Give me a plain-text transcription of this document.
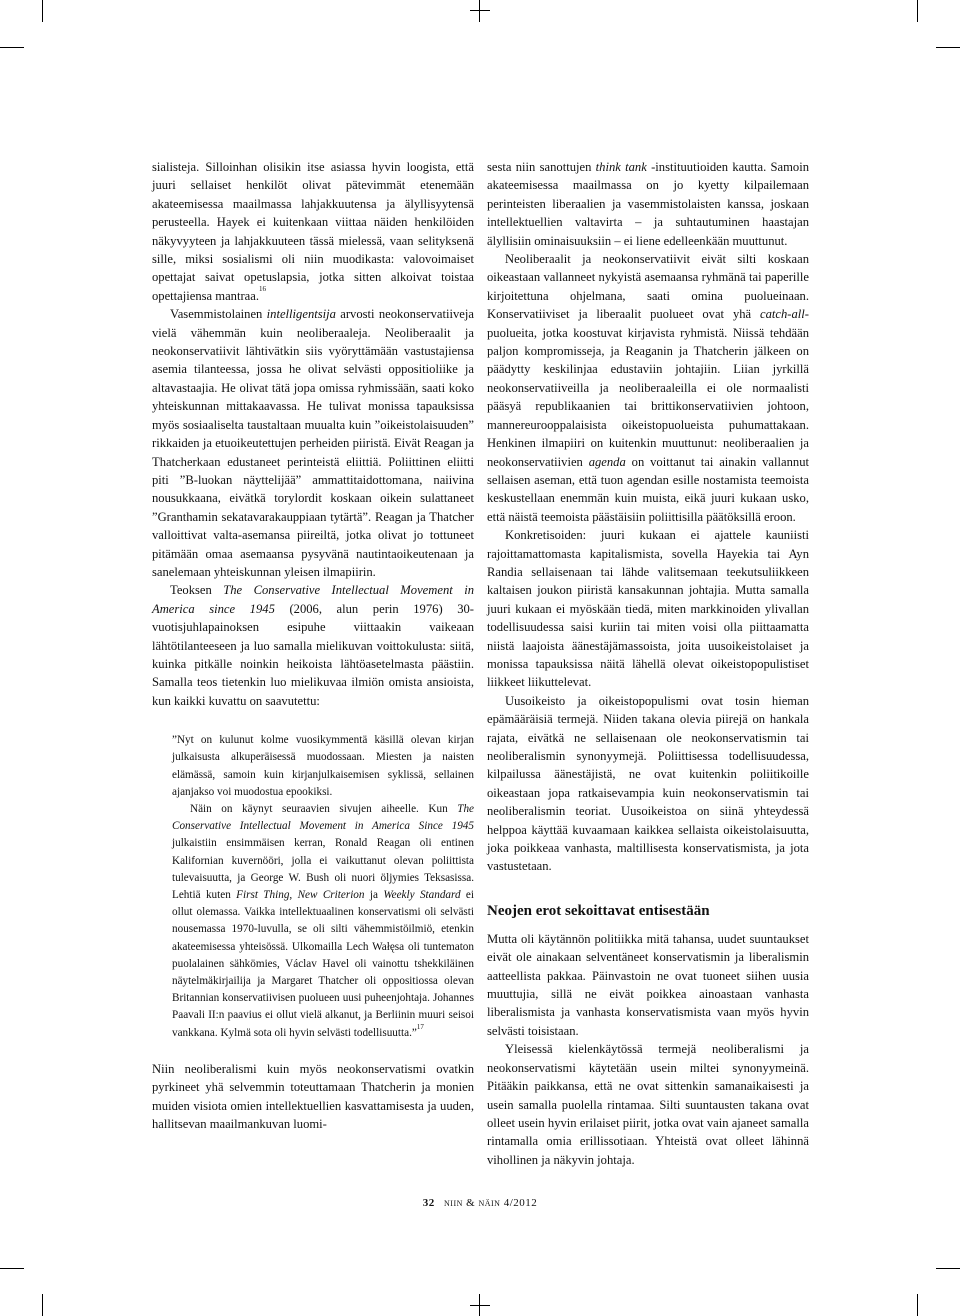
sialisteja. Silloinhan olisikin itse asiassa hyvin loogista, että juuri sellaiset henkilöt olivat pätevimmät etenemään akateemisessa maailmassa lahjakkuutensa ja älyllisyytensä perusteella. Hayek ei kuitenkaan viittaa näiden henkilöiden näkyvyyteen ja lahjakkuuteen tässä mielessä, vaan selityksenä sille, miksi sosialismi oli niin muodikasta: valovoimaiset opettajat saivat opetuslapsia, jotka sitten alkoivat toistaa opettajiensa mantraa.$^{16}$

Vasemmistolainen intelligentsija arvosti neokonservatiiveja vielä vähemmän kuin neoliberaaleja. Neoliberaalit ja neokonservatiivit lähtivätkin siis vyöryttämään vastustajiensa asemia tilanteessa, jossa he olivat selvästi oppositioliike ja altavastaajia. He olivat tätä jopa omissa ryhmissään, saati koko yhteiskunnan mittakaavassa. He tulivat monissa tapauksissa myös sosiaaliselta taustaltaan muualta kuin ”oikeistolaisuuden” rikkaiden ja etuoikeutettujen perheiden piiristä. Eivät Reagan ja Thatcherkaan edustaneet perinteistä eliittiä. Poliittinen eliitti piti ”B-luokan näyttelijää” ammattitaidottomana, naiivina nousukkaana, eivätkä torylordit koskaan oikein sulattaneet ”Granthamin sekatavarakauppiaan tytärtä”. Reagan ja Thatcher valloittivat valta-asemansa piireiltä, jotka olivat jo tottuneet pitämään omaa asemaansa pysyvänä nautintaoikeutenaan ja sanelemaan yhteiskunnan yleisen ilmapiirin.

Teoksen The Conservative Intellectual Movement in America since 1945 (2006, alun perin 1976) 30-vuotisjuhlapainoksen esipuhe viittaakin vaikeaan lähtötilanteeseen ja luo samalla mielikuvan voittokulusta: siitä, kuinka pitkälle noinkin heikoista lähtöasetelmasta päästiin. Samalla teos tietenkin luo mielikuvaa ilmiön omista ansioista, kun kaikki kuvattu on saavutettu:

”Nyt on kulunut kolme vuosikymmentä käsillä olevan kirjan julkaisusta alkuperäisessä muodossaan. Miesten ja naisten elämässä, samoin kuin kirjanjulkaisemisen syklissä, sellainen ajanjakso voi muodostua epookiksi.

Näin on käynyt seuraavien sivujen aiheelle. Kun The Conservative Intellectual Movement in America Since 1945 julkaistiin ensimmäisen kerran, Ronald Reagan oli entinen Kalifornian kuvernööri, jolla ei vaikuttanut olevan poliittista tulevaisuutta, ja George W. Bush oli nuori öljymies Teksasissa. Lehtiä kuten First Thing, New Criterion ja Weekly Standard ei ollut olemassa. Vaikka intellektuaalinen konservatismi oli selvästi nousemassa 1970-luvulla, se oli silti vähemmistöilmiö, etenkin akateemisessa yhteisössä. Ulkomailla Lech Wałęsa oli tuntematon puolalainen sähkömies, Václav Havel oli vainottu tshekkiläinen näytelmäkirjailija ja Margaret Thatcher oli oppositiossa olevan Britannian konservatiivisen puolueen uusi puheenjohtaja. Johannes Paavali II:n paavius ei ollut vielä alkanut, ja Berliinin muuri seisoi vankkana. Kylmä sota oli hyvin selvästi todellisuutta.”$^{17}$

Niin neoliberalismi kuin myös neokonservatismi ovatkin pyrkineet yhä selvemmin toteuttamaan Thatcherin ja monien muiden visiota omien intellektuellien kasvattamisesta ja uuden, hallitsevan maailmankuvan luomi-

sesta niin sanottujen think tank -instituutioiden kautta. Samoin akateemisessa maailmassa on jo kyetty kilpailemaan perinteisten liberaalien ja vasemmistolaisten kanssa, joskaan intellektuellien valtavirta – ja suhtautuminen haastajan älyllisiin ominaisuuksiin – ei liene edelleenkään muuttunut.

Neoliberaalit ja neokonservatiivit eivät silti koskaan oikeastaan vallanneet nykyistä asemaansa ryhmänä tai paperille kirjoitettuna ohjelmana, saati omina puolueinaan. Konservatiiviset ja liberaalit puolueet ovat yhä catch-all-puolueita, jotka koostuvat kirjavista ryhmistä. Niissä tehdään paljon kompromisseja, ja Reaganin ja Thatcherin jälkeen on päädytty keskilinjaa edustaviin johtajiin. Liian jyrkillä neokonservatiiveilla ja neoliberaaleilla ei ole normaalisti pääsyä republikaanien tai brittikonservatiivien johtoon, mannereurooppalaisista oikeistopuolueista puhumattakaan. Henkinen ilmapiiri on kuitenkin muuttunut: neoliberaalien ja neokonservatiivien agenda on voittanut tai ainakin vallannut sellaisen aseman, että tuon agendan esille nostamista teemoista keskustellaan enemmän kuin muista, eikä juuri kukaan usko, että näistä teemoista päästäisiin poliittisilla päätöksillä eroon.

Konkretisoiden: juuri kukaan ei ajattele kauniisti rajoittamattomasta kapitalismista, sovella Hayekia tai Ayn Randia sellaisenaan tai lähde valitsemaan teekutsuliikkeen kaltaisen joukon piiristä kansakunnan johtajia. Mutta samalla juuri kukaan ei myöskään tiedä, miten markkinoiden ylivallan todellisuudessa saisi kuriin tai miten voisi olla piittaamatta niistä laajoista äänestäjämassoista, joita uusoikeistolaiset ja monissa tapauksissa näitä lähellä olevat oikeistopopulistiset liikkeet liikuttelevat.

Uusoikeisto ja oikeistopopulismi ovat tosin hieman epämääräisiä termejä. Niiden takana olevia piirejä on hankala rajata, eivätkä ne sellaisenaan ole neokonservatismin tai neoliberalismin synonyymejä. Poliittisessa todellisuudessa, kilpailussa äänestäjistä, ne ovat kuitenkin poliitikoille oikeastaan jopa ratkaisevampia kuin neokonservatismin tai neoliberalismin teoriat. Uusoikeistoa on siinä yhteydessä helppoa käyttää kuvaamaan kaikkea sellaista oikeistolaisuutta, joka poikkeaa vanhasta, maltillisesta konservatismista, ja jota vastustetaan.

Neojen erot sekoittavat entisestään

Mutta oli käytännön politiikka mitä tahansa, uudet suuntaukset eivät ole ainakaan selventäneet konservatismin ja liberalismin aatteellista pakkaa. Päinvastoin ne ovat tuoneet siihen uusia muuttujia, sillä ne eivät poikkea ainoastaan vanhasta liberalismista ja vanhasta konservatismista vaan myös hyvin selvästi toisistaan.

Yleisessä kielenkäytössä termejä neoliberalismi ja neokonservatismi käytetään usein miltei synonyymeinä. Pitääkin paikkansa, että ne ovat sittenkin samanaikaisesti ja usein samalla puolella rintamaa. Silti suuntausten takana ovat olleet usein hyvin erilaiset piirit, jotka ovat vain ajaneet samalla rintamalla omia erillissotiaan. Yhteistä ovat olleet lähinnä vihollinen ja näkyvin johtaja.

32 niin & näin 4/2012
